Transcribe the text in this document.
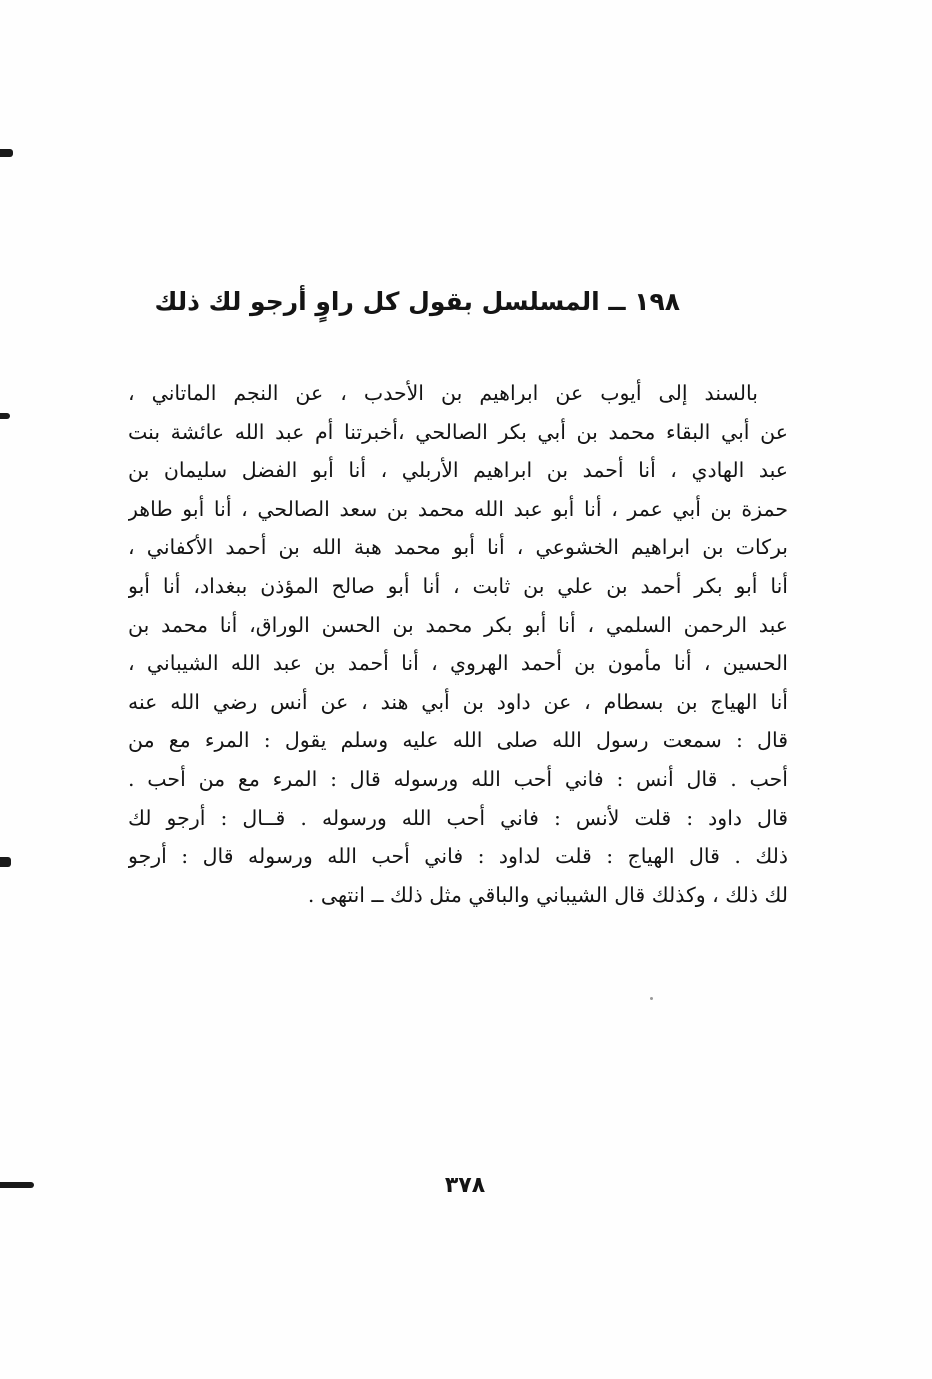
١٩٨ ــ المسلسل بقول كل راوٍ أرجو لك ذلك
بالسند إلى أيوب عن ابراهيم بن الأحدب ، عن النجم الماتاني ،
عن أبي البقاء محمد بن أبي بكر الصالحي ،أخبرتنا أم عبد الله عائشة بنت
عبد الهادي ، أنا أحمد بن ابراهيم الأربلي ، أنا أبو الفضل سليمان بن
حمزة بن أبي عمر ، أنا أبو عبد الله محمد بن سعد الصالحي ، أنا أبو طاهر
بركات بن ابراهيم الخشوعي ، أنا أبو محمد هبة الله بن أحمد الأكفاني ،
أنا أبو بكر أحمد بن علي بن ثابت ، أنا أبو صالح المؤذن ببغداد، أنا أبو
عبد الرحمن السلمي ، أنا أبو بكر محمد بن الحسن الوراق، أنا محمد بن
الحسين ، أنا مأمون بن أحمد الهروي ، أنا أحمد بن عبد الله الشيباني ،
أنا الهياج بن بسطام ، عن داود بن أبي هند ، عن أنس رضي الله عنه
قال : سمعت رسول الله صلى الله عليه وسلم يقول : المرء مع من
أحب . قال أنس : فاني أحب الله ورسوله قال : المرء مع من أحب .
قال داود : قلت لأنس : فاني أحب الله ورسوله . قــال : أرجو لك
ذلك . قال الهياج : قلت لداود : فاني أحب الله ورسوله قال : أرجو
لك ذلك ، وكذلك قال الشيباني والباقي مثل ذلك ــ انتهى .
٣٧٨
